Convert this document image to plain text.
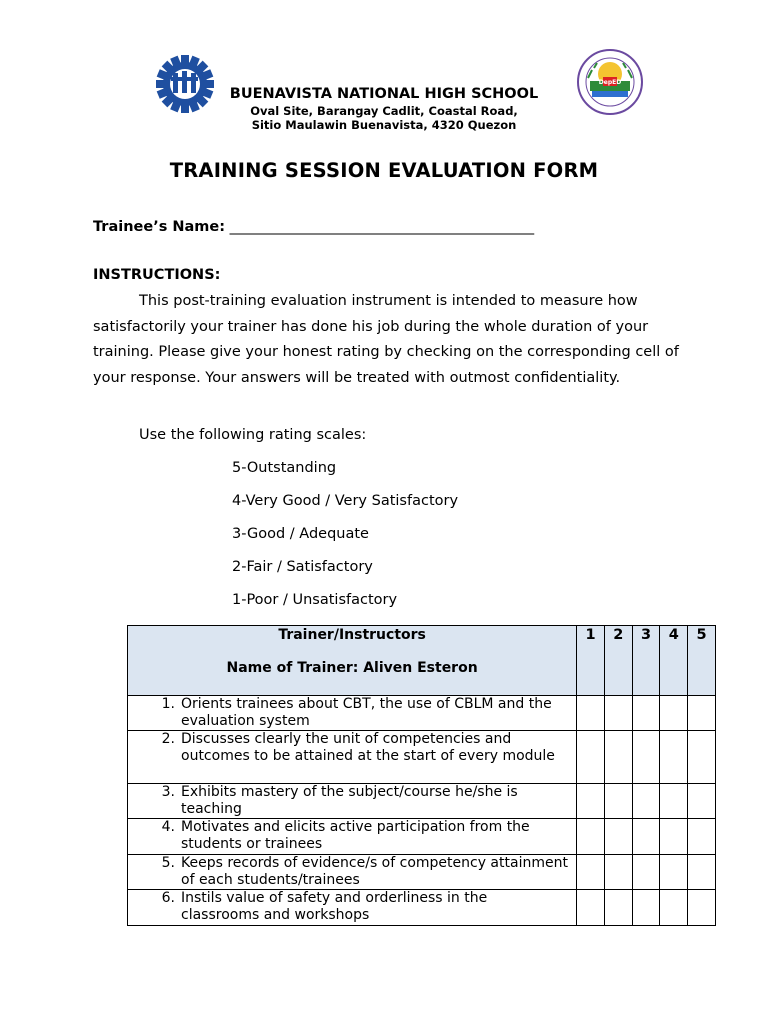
DepED
BUENAVISTA NATIONAL HIGH SCHOOL
Oval Site, Barangay Cadlit, Coastal Road,
Sitio Maulawin Buenavista, 4320 Quezon
TRAINING SESSION EVALUATION FORM
Trainee’s Name: __________________________________________
INSTRUCTIONS:
This post-training evaluation instrument is intended to measure how satisfactorily your trainer has done his job during the whole duration of your training. Please give your honest rating by checking on the corresponding cell of your response. Your answers will be treated with outmost confidentiality.
Use the following rating scales:
5-Outstanding
4-Very Good / Very Satisfactory
3-Good / Adequate
2-Fair / Satisfactory
1-Poor / Unsatisfactory
Trainer/Instructors
Name of Trainer: Aliven Esteron	1	2	3	4	5
1. Orients trainees about CBT, the use of CBLM and the evaluation system					
2. Discusses clearly the unit of competencies and outcomes to be attained at the start of every module					
3. Exhibits mastery of the subject/course he/she is teaching					
4. Motivates and elicits active participation from the students or trainees					
5. Keeps records of evidence/s of competency attainment of each students/trainees					
6. Instils value of safety and orderliness in the classrooms and workshops					
